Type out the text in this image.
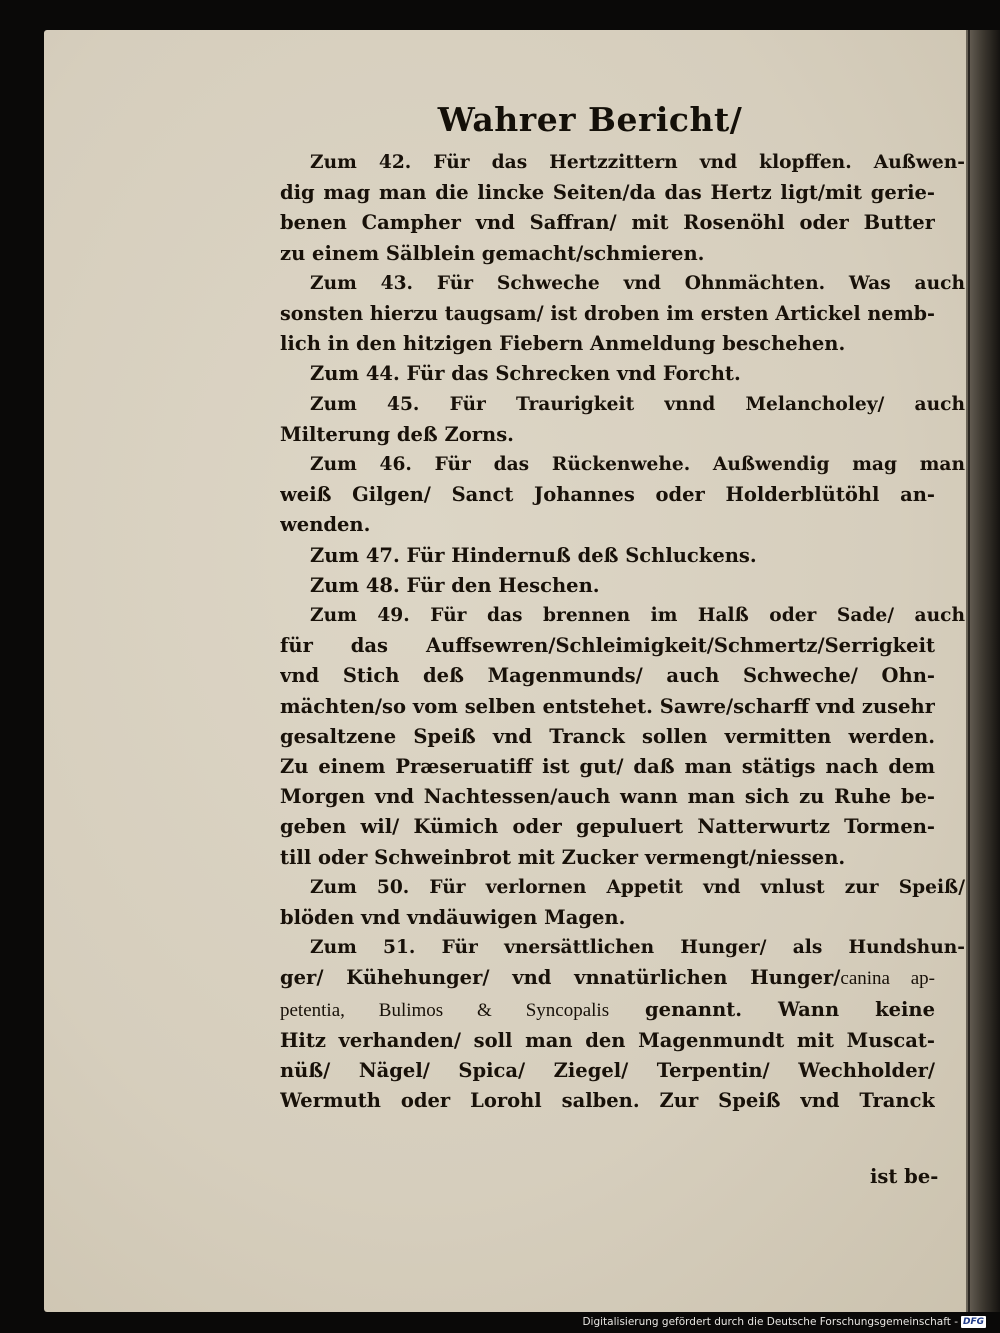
Wahrer Bericht/
Zum 42. Für das Hertzzittern vnd klopffen. Außwen-
dig mag man die lincke Seiten/da das Hertz ligt/mit gerie-
benen Campher vnd Saffran/ mit Rosenöhl oder Butter
zu einem Sälblein gemacht/schmieren.
Zum 43. Für Schweche vnd Ohnmächten. Was auch
sonsten hierzu taugsam/ ist droben im ersten Artickel nemb-
lich in den hitzigen Fiebern Anmeldung beschehen.
Zum 44. Für das Schrecken vnd Forcht.
Zum 45. Für Traurigkeit vnnd Melancholey/ auch
Milterung deß Zorns.
Zum 46. Für das Rückenwehe. Außwendig mag man
weiß Gilgen/ Sanct Johannes oder Holderblütöhl an-
wenden.
Zum 47. Für Hindernuß deß Schluckens.
Zum 48. Für den Heschen.
Zum 49. Für das brennen im Halß oder Sade/ auch
für das Auffsewren/Schleimigkeit/Schmertz/Serrigkeit
vnd Stich deß Magenmunds/ auch Schweche/ Ohn-
mächten/so vom selben entstehet. Sawre/scharff vnd zusehr
gesaltzene Speiß vnd Tranck sollen vermitten werden.
Zu einem Præseruatiff ist gut/ daß man stätigs nach dem
Morgen vnd Nachtessen/auch wann man sich zu Ruhe be-
geben wil/ Kümich oder gepuluert Natterwurtz Tormen-
till oder Schweinbrot mit Zucker vermengt/niessen.
Zum 50. Für verlornen Appetit vnd vnlust zur Speiß/
blöden vnd vndäuwigen Magen.
Zum 51. Für vnersättlichen Hunger/ als Hundshun-
ger/ Kühehunger/ vnd vnnatürlichen Hunger/canina ap-
petentia, Bulimos & Syncopalis genannt. Wann keine
Hitz verhanden/ soll man den Magenmundt mit Muscat-
nüß/ Nägel/ Spica/ Ziegel/ Terpentin/ Wechholder/
Wermuth oder Lorohl salben. Zur Speiß vnd Tranck
ist be-
Digitalisierung gefördert durch die Deutsche Forschungsgemeinschaft - DFG
